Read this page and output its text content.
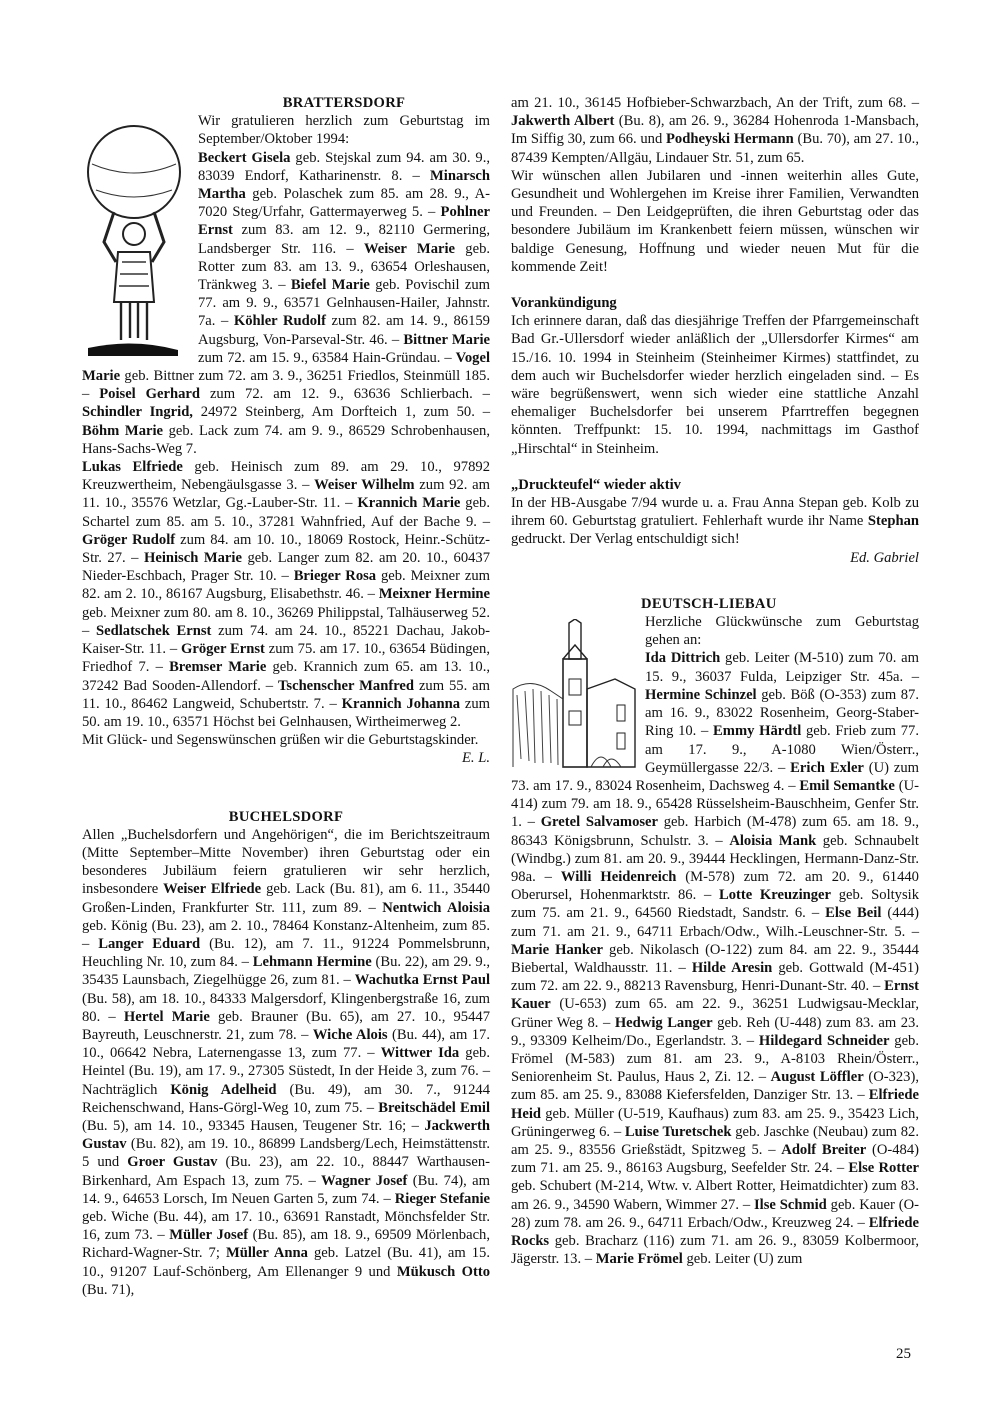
BRATTERSDORF

Wir gratulieren herzlich zum Geburtstag im September/Oktober 1994:

Beckert Gisela geb. Stejskal zum 94. am 30. 9., 83039 Endorf, Katharinenstr. 8. – Minarsch Martha geb. Polaschek zum 85. am 28. 9., A-7020 Steg/Urfahr, Gattermayerweg 5. – Pohlner Ernst zum 83. am 12. 9., 82110 Germering, Landsberger Str. 116. – Weiser Marie geb. Rotter zum 83. am 13. 9., 63654 Orleshausen, Tränkweg 3. – Biefel Marie geb. Povischil zum 77. am 9. 9., 63571 Gelnhausen-Hailer, Jahnstr. 7a. – Köhler Rudolf zum 82. am 14. 9., 86159 Augsburg, Von-Parseval-Str. 46. – Bittner Marie zum 72. am 15. 9., 63584 Hain-Gründau. – Vogel Marie geb. Bittner zum 72. am 3. 9., 36251 Friedlos, Steinmüll 185. – Poisel Gerhard zum 72. am 12. 9., 63636 Schlierbach. – Schindler Ingrid, 24972 Steinberg, Am Dorfteich 1, zum 50. – Böhm Marie geb. Lack zum 74. am 9. 9., 86529 Schrobenhausen, Hans-Sachs-Weg 7.

Lukas Elfriede geb. Heinisch zum 89. am 29. 10., 97892 Kreuzwertheim, Nebengäulsgasse 3. – Weiser Wilhelm zum 92. am 11. 10., 35576 Wetzlar, Gg.-Lauber-Str. 11. – Krannich Marie geb. Schartel zum 85. am 5. 10., 37281 Wahnfried, Auf der Bache 9. – Gröger Rudolf zum 84. am 10. 10., 18069 Rostock, Heinr.-Schütz-Str. 27. – Heinisch Marie geb. Langer zum 82. am 20. 10., 60437 Nieder-Eschbach, Prager Str. 10. – Brieger Rosa geb. Meixner zum 82. am 2. 10., 86167 Augsburg, Elisabethstr. 46. – Meixner Hermine geb. Meixner zum 80. am 8. 10., 36269 Philippstal, Talhäuserweg 52. – Sedlatschek Ernst zum 74. am 24. 10., 85221 Dachau, Jakob-Kaiser-Str. 11. – Gröger Ernst zum 75. am 17. 10., 63654 Büdingen, Friedhof 7. – Bremser Marie geb. Krannich zum 65. am 13. 10., 37242 Bad Sooden-Allendorf. – Tschenscher Manfred zum 55. am 11. 10., 86462 Langweid, Schubertstr. 7. – Krannich Johanna zum 50. am 19. 10., 63571 Höchst bei Gelnhausen, Wirtheimerweg 2.

Mit Glück- und Segenswünschen grüßen wir die Geburtstagskinder.

E. L.

BUCHELSDORF

Allen „Buchelsdorfern und Angehörigen“, die im Berichtszeitraum (Mitte September–Mitte November) ihren Geburtstag oder ein besonderes Jubiläum feiern gratulieren wir sehr herzlich, insbesondere Weiser Elfriede geb. Lack (Bu. 81), am 6. 11., 35440 Großen-Linden, Frankfurter Str. 111, zum 89. – Nentwich Aloisia geb. König (Bu. 23), am 2. 10., 78464 Konstanz-Altenheim, zum 85. – Langer Eduard (Bu. 12), am 7. 11., 91224 Pommelsbrunn, Heuchling Nr. 10, zum 84. – Lehmann Hermine (Bu. 22), am 29. 9., 35435 Launsbach, Ziegelhügge 26, zum 81. – Wachutka Ernst Paul (Bu. 58), am 18. 10., 84333 Malgersdorf, Klingenbergstraße 16, zum 80. – Hertel Marie geb. Brauner (Bu. 65), am 27. 10., 95447 Bayreuth, Leuschnerstr. 21, zum 78. – Wiche Alois (Bu. 44), am 17. 10., 06642 Nebra, Laternengasse 13, zum 77. – Wittwer Ida geb. Heintel (Bu. 19), am 17. 9., 27305 Süstedt, In der Heide 3, zum 76. – Nachträglich König Adelheid (Bu. 49), am 30. 7., 91244 Reichenschwand, Hans-Görgl-Weg 10, zum 75. – Breitschädel Emil (Bu. 5), am 14. 10., 93345 Hausen, Teugener Str. 16; – Jackwerth Gustav (Bu. 82), am 19. 10., 86899 Landsberg/Lech, Heimstättenstr. 5 und Groer Gustav (Bu. 23), am 22. 10., 88447 Warthausen-Birkenhard, Am Espach 13, zum 75. – Wagner Josef (Bu. 74), am 14. 9., 64653 Lorsch, Im Neuen Garten 5, zum 74. – Rieger Stefanie geb. Wiche (Bu. 44), am 17. 10., 63691 Ranstadt, Mönchsfelder Str. 16, zum 73. – Müller Josef (Bu. 85), am 18. 9., 69509 Mörlenbach, Richard-Wagner-Str. 7; Müller Anna geb. Latzel (Bu. 41), am 15. 10., 91207 Lauf-Schönberg, Am Ellenanger 9 und Mükusch Otto (Bu. 71),

am 21. 10., 36145 Hofbieber-Schwarzbach, An der Trift, zum 68. – Jakwerth Albert (Bu. 8), am 26. 9., 36284 Hohenroda 1-Mansbach, Im Siffig 30, zum 66. und Podheyski Hermann (Bu. 70), am 27. 10., 87439 Kempten/Allgäu, Lindauer Str. 51, zum 65.

Wir wünschen allen Jubilaren und -innen weiterhin alles Gute, Gesundheit und Wohlergehen im Kreise ihrer Familien, Verwandten und Freunden. – Den Leidgeprüften, die ihren Geburtstag oder das besondere Jubiläum im Krankenbett feiern müssen, wünschen wir baldige Genesung, Hoffnung und wieder neuen Mut für die kommende Zeit!

Vorankündigung

Ich erinnere daran, daß das diesjährige Treffen der Pfarrgemeinschaft Bad Gr.-Ullersdorf wieder anläßlich der „Ullersdorfer Kirmes“ am 15./16. 10. 1994 in Steinheim (Steinheimer Kirmes) stattfindet, zu dem auch wir Buchelsdorfer wieder herzlich eingeladen sind. – Es wäre begrüßenswert, wenn sich wieder eine stattliche Anzahl ehemaliger Buchelsdorfer bei unserem Pfarrtreffen begegnen könnten. Treffpunkt: 15. 10. 1994, nachmittags im Gasthof „Hirschtal“ in Steinheim.

„Druckteufel“ wieder aktiv

In der HB-Ausgabe 7/94 wurde u. a. Frau Anna Stepan geb. Kolb zu ihrem 60. Geburtstag gratuliert. Fehlerhaft wurde ihr Name Stephan gedruckt. Der Verlag entschuldigt sich!

Ed. Gabriel

DEUTSCH-LIEBAU

Herzliche Glückwünsche zum Geburtstag gehen an:

Ida Dittrich geb. Leiter (M-510) zum 70. am 15. 9., 36037 Fulda, Leipziger Str. 45a. – Hermine Schinzel geb. Böß (O-353) zum 87. am 16. 9., 83022 Rosenheim, Georg-Staber-Ring 10. – Emmy Härdtl geb. Frieb zum 77. am 17. 9., A-1080 Wien/Österr., Geymüllergasse 22/3. – Erich Exler (U) zum 73. am 17. 9., 83024 Rosenheim, Dachsweg 4. – Emil Semantke (U-414) zum 79. am 18. 9., 65428 Rüsselsheim-Bauschheim, Genfer Str. 1. – Gretel Salvamoser geb. Harbich (M-478) zum 65. am 18. 9., 86343 Königsbrunn, Schulstr. 3. – Aloisia Mank geb. Schnaubelt (Windbg.) zum 81. am 20. 9., 39444 Hecklingen, Hermann-Danz-Str. 98a. – Willi Heidenreich (M-578) zum 72. am 20. 9., 61440 Oberursel, Hohenmarktstr. 86. – Lotte Kreuzinger geb. Soltysik zum 75. am 21. 9., 64560 Riedstadt, Sandstr. 6. – Else Beil (444) zum 71. am 21. 9., 64711 Erbach/Odw., Wilh.-Leuschner-Str. 5. – Marie Hanker geb. Nikolasch (O-122) zum 84. am 22. 9., 35444 Biebertal, Waldhausstr. 11. – Hilde Aresin geb. Gottwald (M-451) zum 72. am 22. 9., 88213 Ravensburg, Henri-Dunant-Str. 40. – Ernst Kauer (U-653) zum 65. am 22. 9., 36251 Ludwigsau-Mecklar, Grüner Weg 8. – Hedwig Langer geb. Reh (U-448) zum 83. am 23. 9., 93309 Kelheim/Do., Egerlandstr. 3. – Hildegard Schneider geb. Frömel (M-583) zum 81. am 23. 9., A-8103 Rhein/Österr., Seniorenheim St. Paulus, Haus 2, Zi. 12. – August Löffler (O-323), zum 85. am 25. 9., 83088 Kiefersfelden, Danziger Str. 13. – Elfriede Heid geb. Müller (U-519, Kaufhaus) zum 83. am 25. 9., 35423 Lich, Grüningerweg 6. – Luise Turetschek geb. Jaschke (Neubau) zum 82. am 25. 9., 83556 Grießstädt, Spitzweg 5. – Adolf Breiter (O-484) zum 71. am 25. 9., 86163 Augsburg, Seefelder Str. 24. – Else Rotter geb. Schubert (M-214, Wtw. v. Albert Rotter, Heimatdichter) zum 83. am 26. 9., 34590 Wabern, Wimmer 27. – Ilse Schmid geb. Kauer (O-28) zum 78. am 26. 9., 64711 Erbach/Odw., Kreuzweg 24. – Elfriede Rocks geb. Bracharz (116) zum 71. am 26. 9., 83059 Kolbermoor, Jägerstr. 13. – Marie Frömel geb. Leiter (U) zum

25
